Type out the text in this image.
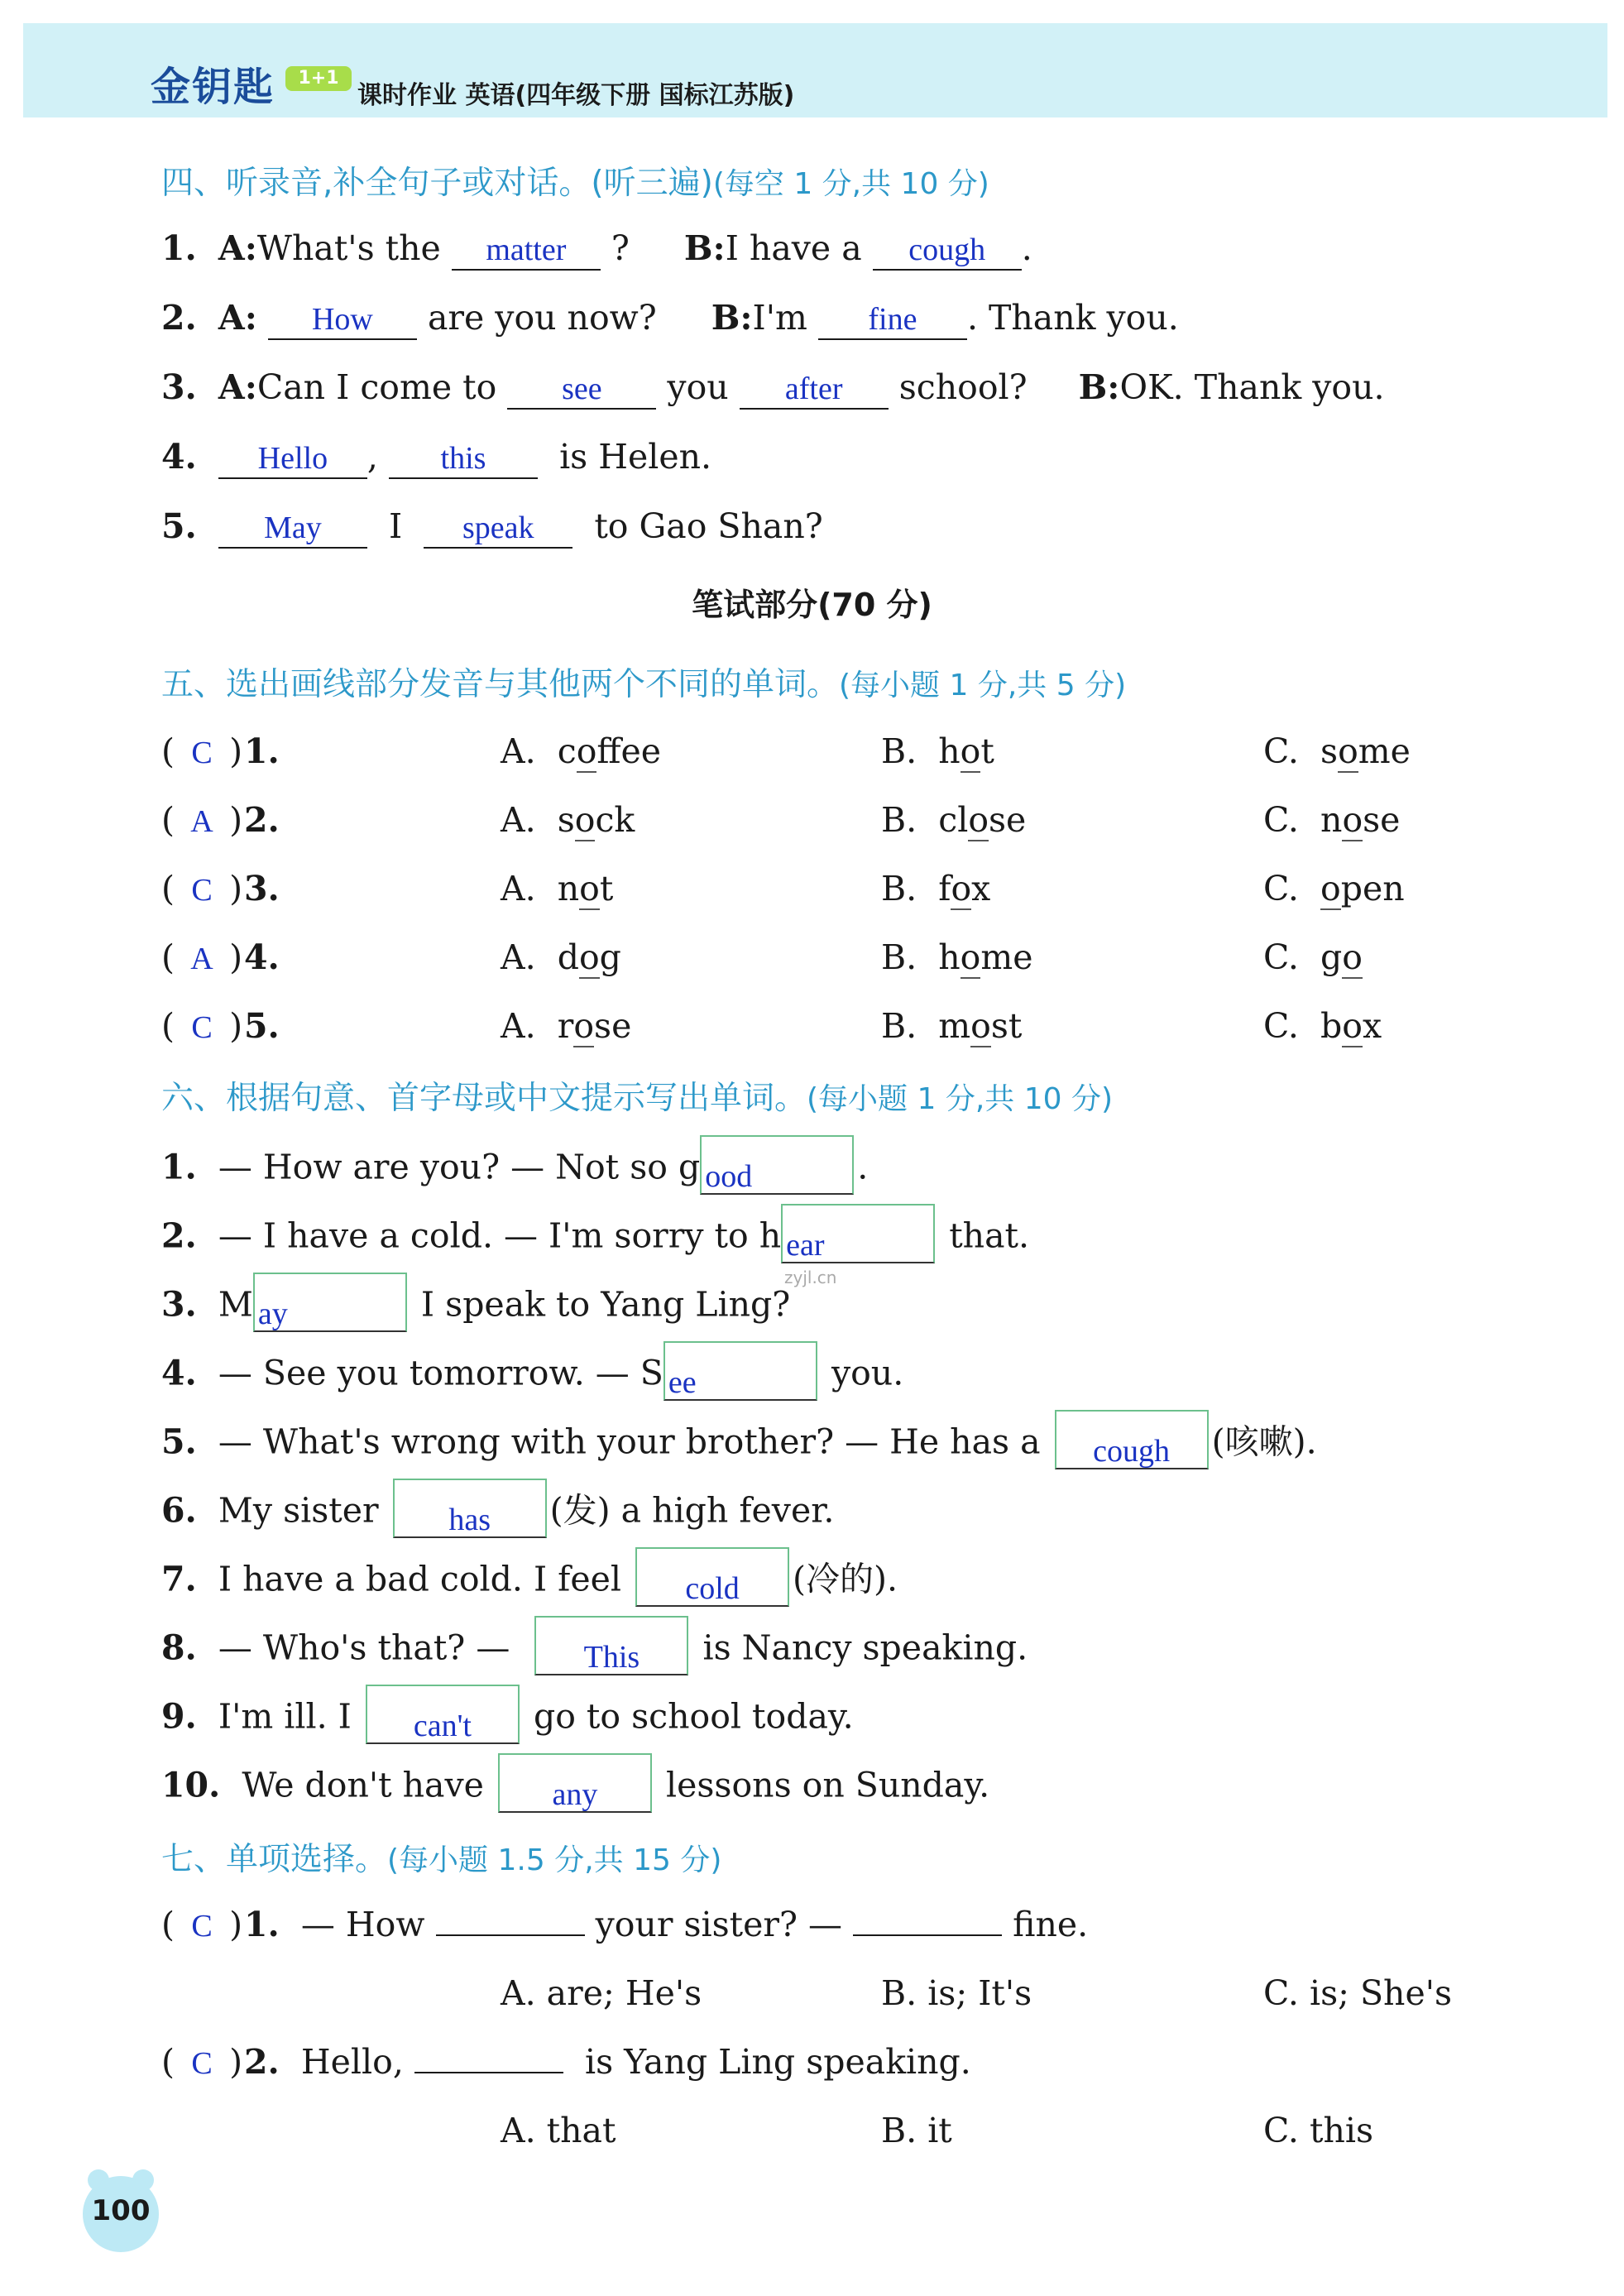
金钥匙	1+1
课时作业 英语(四年级下册 国标江苏版)
四、听录音,补全句子或对话。(听三遍)(每空 1 分,共 10 分)
1. A:What's the matter ? B:I have a cough .
2. A: How are you now? B:I'm fine . Thank you.
3. A:Can I come to see you after school? B:OK. Thank you.
4. Hello , this is Helen.
5. May I speak to Gao Shan?
笔试部分(70 分)
五、选出画线部分发音与其他两个不同的单词。(每小题 1 分,共 5 分)
( C )1.	A. coffee	B. hot	C. some
( A )2.	A. sock	B. close	C. nose
( C )3.	A. not	B. fox	C. open
( A )4.	A. dog	B. home	C. go
( C )5.	A. rose	B. most	C. box
六、根据句意、首字母或中文提示写出单词。(每小题 1 分,共 10 分)
1. — How are you? — Not so g ood	.
2. — I have a cold. — I'm sorry to h ear	that.
3. M ay	I speak to Yang Ling?
4. — See you tomorrow. — S ee	you.
5. — What's wrong with your brother? — He has a cough (咳嗽).
6. My sister has (发) a high fever.
7. I have a bad cold. I feel cold (冷的).
8. — Who's that? — This is Nancy speaking.
9. I'm ill. I can't go to school today.
10. We don't have any lessons on Sunday.
七、单项选择。(每小题 1.5 分,共 15 分)
( C )1. — How	your sister? —	fine.
A. are; He's	B. is; It's	C. is; She's
( C )2. Hello,	is Yang Ling speaking.
A. that	B. it	C. this
zyjl.cn
100
